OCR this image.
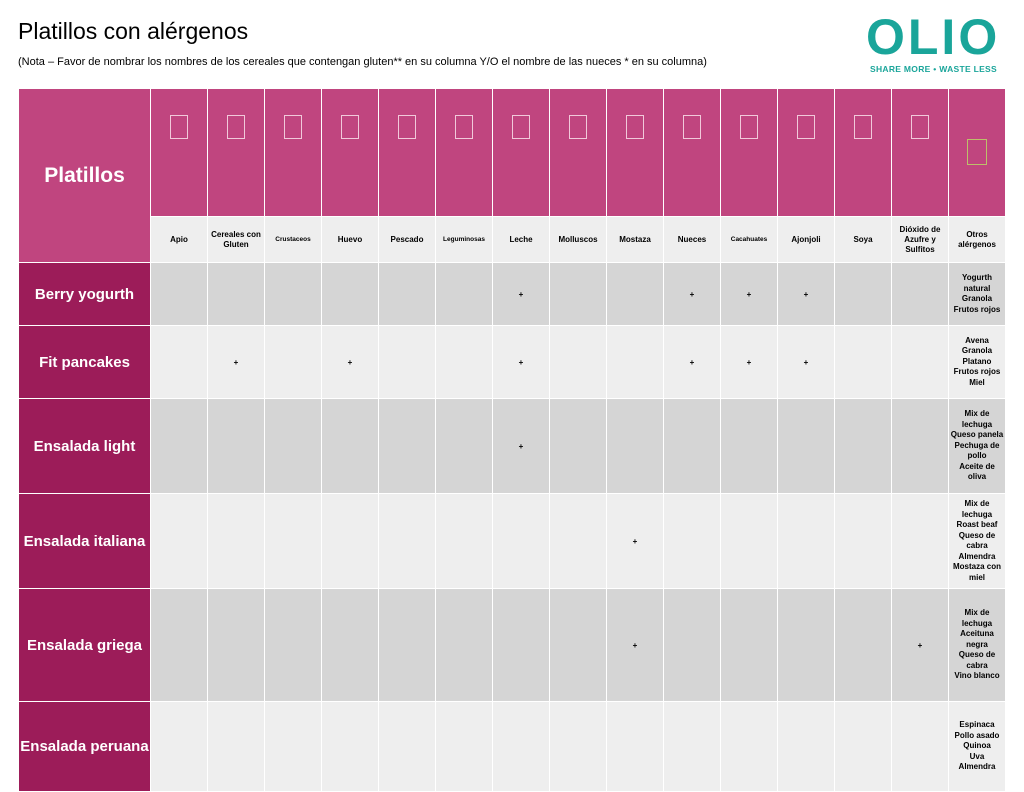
Platillos con alérgenos
(Nota – Favor de nombrar los nombres de los cereales que contengan gluten** en su columna Y/O el nombre de las nueces * en su columna)	OLIO
SHARE MORE • WASTE LESS
Platillos															
	Apio	Cereales con Gluten	Crustaceos	Huevo	Pescado	Leguminosas	Leche	Molluscos	Mostaza	Nueces	Cacahuates	Ajonjoli	Soya	Dióxido de Azufre y Sulfitos	Otros alérgenos
Berry yogurth							+			+	+	+			Yogurth natural
Granola
Frutos rojos
Fit pancakes		+		+			+			+	+	+			Avena
Granola
Platano
Frutos rojos
Miel
Ensalada light							+								Mix de lechuga
Queso panela
Pechuga de pollo
Aceite de oliva
Ensalada italiana									+						Mix de lechuga
Roast beaf
Queso de cabra
Almendra
Mostaza con miel
Ensalada griega									+					+	Mix de lechuga
Aceituna negra
Queso de cabra
Vino blanco
Ensalada peruana															Espinaca
Pollo asado
Quinoa
Uva
Almendra
